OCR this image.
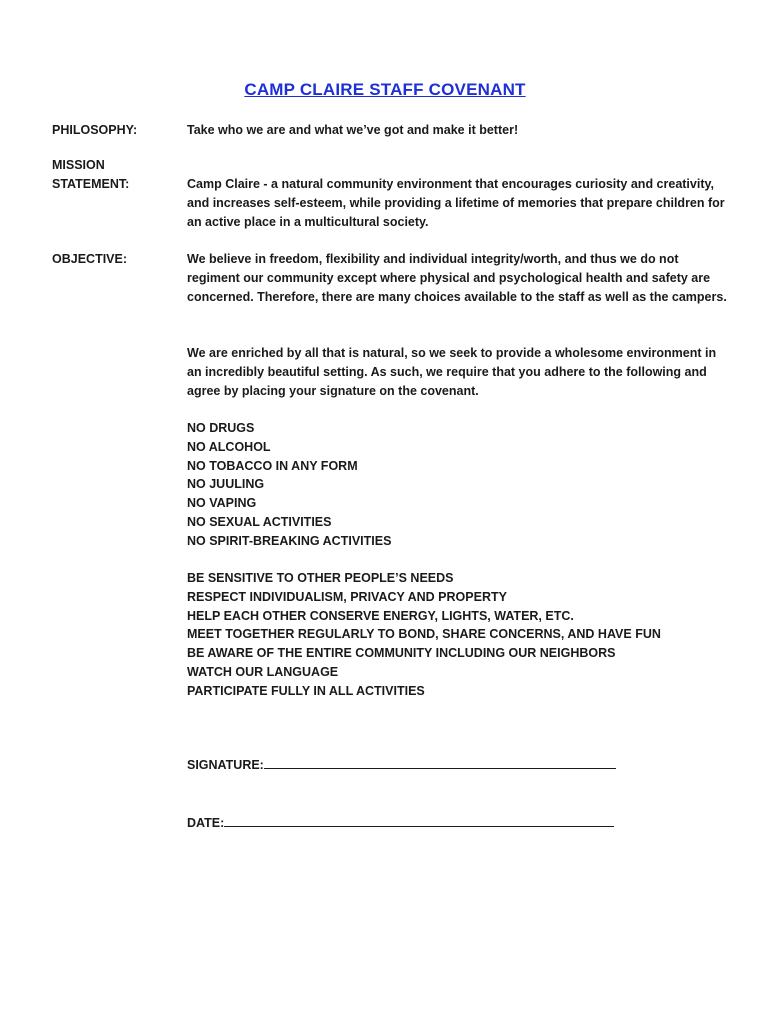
CAMP CLAIRE STAFF COVENANT
PHILOSOPHY:	Take who we are and what we’ve got and make it better!
MISSION
STATEMENT:	Camp Claire - a natural community environment that encourages curiosity and creativity, and increases self-esteem, while providing a lifetime of memories that prepare children for an active place in a multicultural society.
OBJECTIVE:	We believe in freedom, flexibility and individual integrity/worth, and thus we do not regiment our community except where physical and psychological health and safety are concerned. Therefore, there are many choices available to the staff as well as the campers.
We are enriched by all that is natural, so we seek to provide a wholesome environment in an incredibly beautiful setting. As such, we require that you adhere to the following and agree by placing your signature on the covenant.
NO DRUGS
NO ALCOHOL
NO TOBACCO IN ANY FORM
NO JUULING
NO VAPING
NO SEXUAL ACTIVITIES
NO SPIRIT-BREAKING ACTIVITIES
BE SENSITIVE TO OTHER PEOPLE’S NEEDS
RESPECT INDIVIDUALISM, PRIVACY AND PROPERTY
HELP EACH OTHER CONSERVE ENERGY, LIGHTS, WATER, ETC.
MEET TOGETHER REGULARLY TO BOND, SHARE CONCERNS, AND HAVE FUN
BE AWARE OF THE ENTIRE COMMUNITY INCLUDING OUR NEIGHBORS
WATCH OUR LANGUAGE
PARTICIPATE FULLY IN ALL ACTIVITIES
SIGNATURE:
DATE:
